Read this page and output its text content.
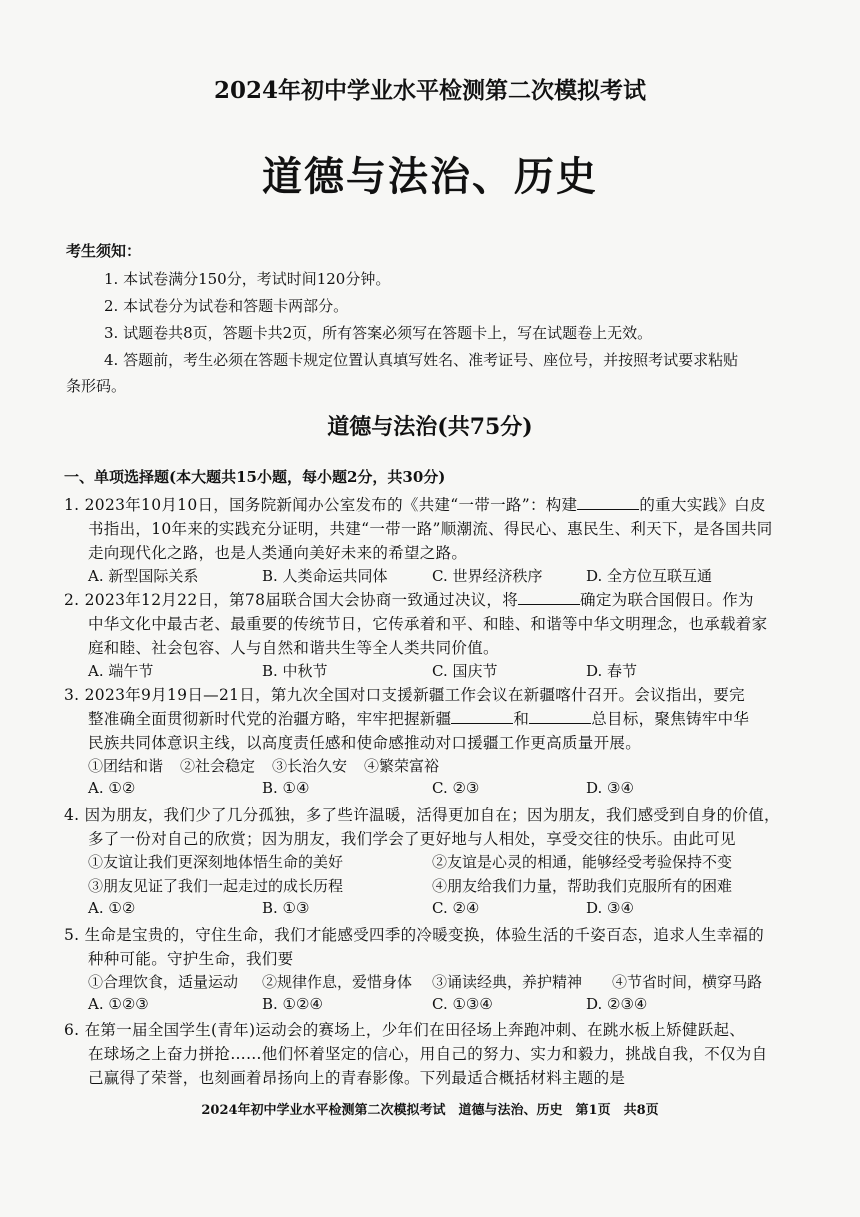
2024年初中学业水平检测第二次模拟考试
道德与法治、历史
考生须知：
1. 本试卷满分150分，考试时间120分钟。
2. 本试卷分为试卷和答题卡两部分。
3. 试题卷共8页，答题卡共2页，所有答案必须写在答题卡上，写在试题卷上无效。
4. 答题前，考生必须在答题卡规定位置认真填写姓名、准考证号、座位号，并按照考试要求粘贴
条形码。
道德与法治(共75分)
一、单项选择题(本大题共15小题，每小题2分，共30分)
1. 2023年10月10日，国务院新闻办公室发布的《共建“一带一路”：构建	的重大实践》白皮
书指出，10年来的实践充分证明，共建“一带一路”顺潮流、得民心、惠民生、利天下，是各国共同
走向现代化之路，也是人类通向美好未来的希望之路。
A. 新型国际关系	B. 人类命运共同体	C. 世界经济秩序	D. 全方位互联互通
2. 2023年12月22日，第78届联合国大会协商一致通过决议，将	确定为联合国假日。作为
中华文化中最古老、最重要的传统节日，它传承着和平、和睦、和谐等中华文明理念，也承载着家
庭和睦、社会包容、人与自然和谐共生等全人类共同价值。
A. 端午节	B. 中秋节	C. 国庆节	D. 春节
3. 2023年9月19日—21日，第九次全国对口支援新疆工作会议在新疆喀什召开。会议指出，要完
整准确全面贯彻新时代党的治疆方略，牢牢把握新疆	和	总目标，聚焦铸牢中华
民族共同体意识主线，以高度责任感和使命感推动对口援疆工作更高质量开展。
①团结和谐 ②社会稳定 ③长治久安 ④繁荣富裕
A. ①②	B. ①④	C. ②③	D. ③④
4. 因为朋友，我们少了几分孤独，多了些许温暖，活得更加自在；因为朋友，我们感受到自身的价值，
多了一份对自己的欣赏；因为朋友，我们学会了更好地与人相处，享受交往的快乐。由此可见
①友谊让我们更深刻地体悟生命的美好	②友谊是心灵的相通，能够经受考验保持不变
③朋友见证了我们一起走过的成长历程	④朋友给我们力量，帮助我们克服所有的困难
A. ①②	B. ①③	C. ②④	D. ③④
5. 生命是宝贵的，守住生命，我们才能感受四季的冷暖变换，体验生活的千姿百态，追求人生幸福的
种种可能。守护生命，我们要
①合理饮食，适量运动 ②规律作息，爱惜身体 ③诵读经典，养护精神 ④节省时间，横穿马路
A. ①②③	B. ①②④	C. ①③④	D. ②③④
6. 在第一届全国学生(青年)运动会的赛场上，少年们在田径场上奔跑冲刺、在跳水板上矫健跃起、
在球场之上奋力拼抢……他们怀着坚定的信心，用自己的努力、实力和毅力，挑战自我，不仅为自
己赢得了荣誉，也刻画着昂扬向上的青春影像。下列最适合概括材料主题的是
2024年初中学业水平检测第二次模拟考试　道德与法治、历史　第1页　共8页
